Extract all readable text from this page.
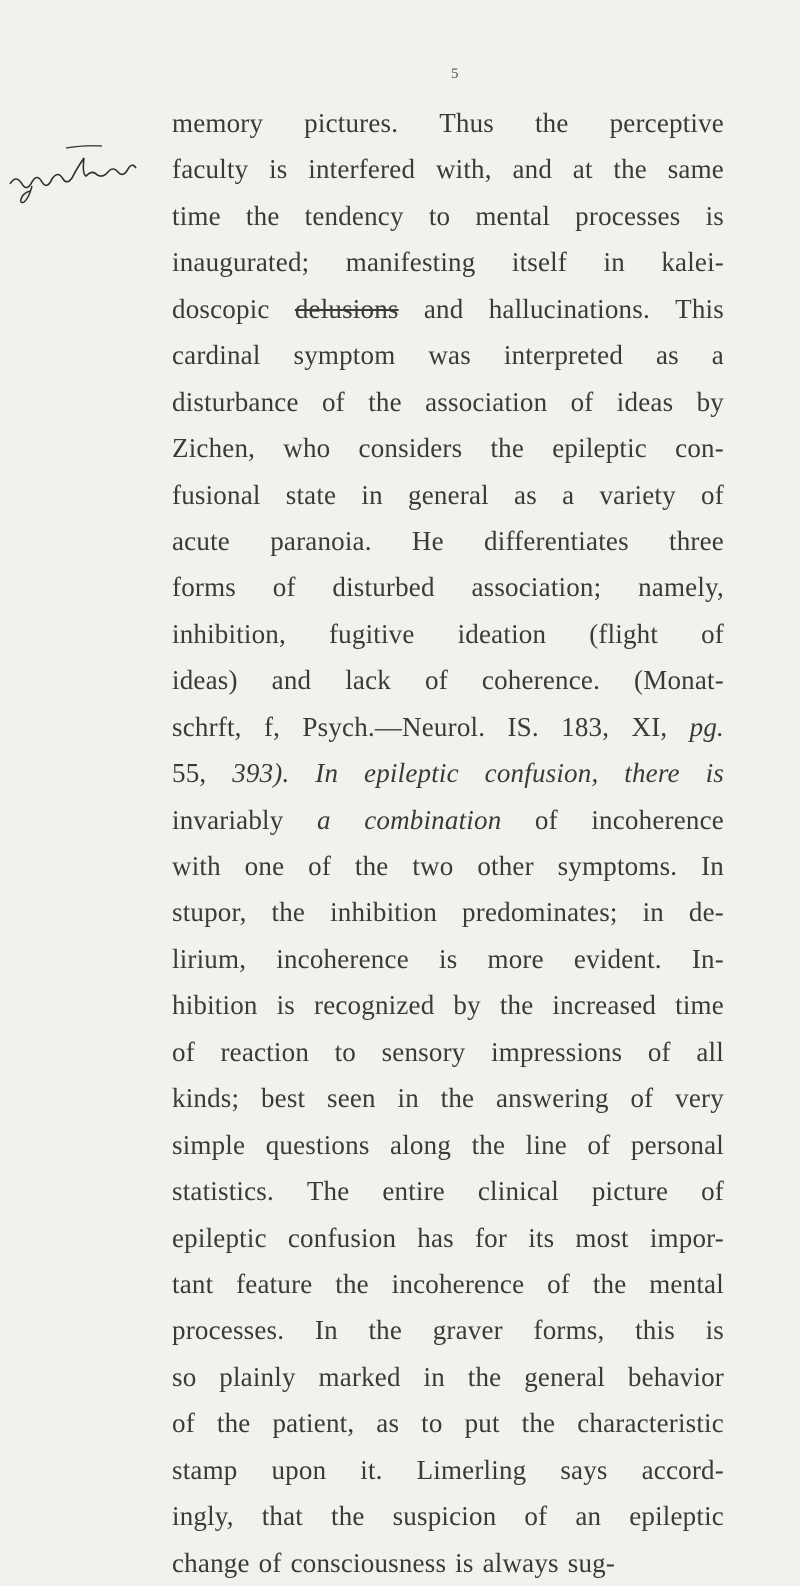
5
memory pictures. Thus the perceptive
faculty is interfered with, and at the same
time the tendency to mental processes is
inaugurated; manifesting itself in kalei-
doscopic delusions and hallucinations. This
cardinal symptom was interpreted as a
disturbance of the association of ideas by
Zichen, who considers the epileptic con-
fusional state in general as a variety of
acute paranoia. He differentiates three
forms of disturbed association; namely,
inhibition, fugitive ideation (flight of
ideas) and lack of coherence. (Monat-
schrft, f, Psych.—Neurol. IS. 183, XI, pg.
55, 393). In epileptic confusion, there is
invariably a combination of incoherence
with one of the two other symptoms. In
stupor, the inhibition predominates; in de-
lirium, incoherence is more evident. In-
hibition is recognized by the increased time
of reaction to sensory impressions of all
kinds; best seen in the answering of very
simple questions along the line of personal
statistics. The entire clinical picture of
epileptic confusion has for its most impor-
tant feature the incoherence of the mental
processes. In the graver forms, this is
so plainly marked in the general behavior
of the patient, as to put the characteristic
stamp upon it. Limerling says accord-
ingly, that the suspicion of an epileptic
change of consciousness is always sug-
